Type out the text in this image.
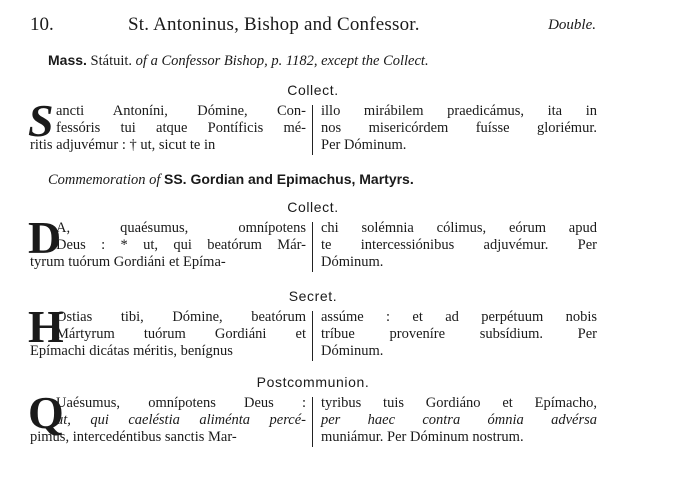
10.	St. Antoninus, Bishop and Confessor.	Double.
Mass. Státuit. of a Confessor Bishop, p. 1182, except the Collect.
Collect.
S ancti Antoníni, Dómine, Con-
fessóris tui atque Pontíficis mé-
ritis adjuvémur : † ut, sicut te in
illo mirábilem praedicámus, ita in
nos misericórdem fuísse gloriémur.
Per Dóminum.
Commemoration of SS. Gordian and Epimachus, Martyrs.
Collect.
D
A, quaésumus, omnípotens
Deus : * ut, qui beatórum Már-
tyrum tuórum Gordiáni et Epíma-
chi solémnia cólimus, eórum apud
te intercessiónibus adjuvémur. Per
Dóminum.
Secret.
H
Ostias tibi, Dómine, beatórum
Mártyrum tuórum Gordiáni et
Epímachi dicátas méritis, benígnus
assúme : et ad perpétuum nobis
tríbue proveníre subsídium. Per
Dóminum.
Postcommunion.
Q
Uaésumus, omnípotens Deus :
ut, qui caeléstia aliménta percé-
pimus, intercedéntibus sanctis Mar-
tyribus tuis Gordiáno et Epímacho,
per haec contra ómnia advérsa
muniámur. Per Dóminum nostrum.
